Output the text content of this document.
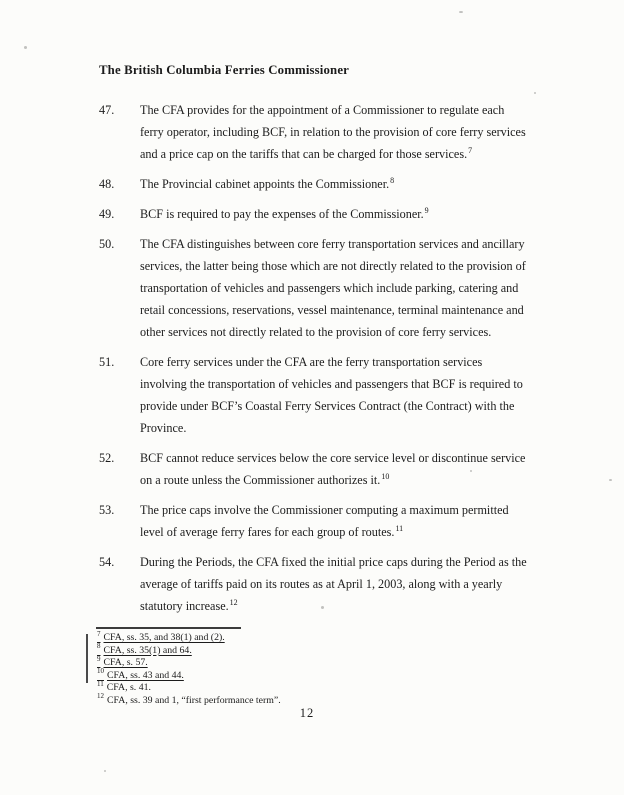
The British Columbia Ferries Commissioner
47.	The CFA provides for the appointment of a Commissioner to regulate each ferry operator, including BCF, in relation to the provision of core ferry services and a price cap on the tariffs that can be charged for those services.$^7$
48.	The Provincial cabinet appoints the Commissioner.$^8$
49.	BCF is required to pay the expenses of the Commissioner.$^9$
50.	The CFA distinguishes between core ferry transportation services and ancillary services, the latter being those which are not directly related to the provision of transportation of vehicles and passengers which include parking, catering and retail concessions, reservations, vessel maintenance, terminal maintenance and other services not directly related to the provision of core ferry services.
51.	Core ferry services under the CFA are the ferry transportation services involving the transportation of vehicles and passengers that BCF is required to provide under BCF’s Coastal Ferry Services Contract (the Contract) with the Province.
52.	BCF cannot reduce services below the core service level or discontinue service on a route unless the Commissioner authorizes it.$^{10}$
53.	The price caps involve the Commissioner computing a maximum permitted level of average ferry fares for each group of routes.$^{11}$
54.	During the Periods, the CFA fixed the initial price caps during the Period as the average of tariffs paid on its routes as at April 1, 2003, along with a yearly statutory increase.$^{12}$
$^7$ CFA, ss. 35, and 38(1) and (2).
$^8$ CFA, ss. 35(1) and 64.
$^9$ CFA, s. 57.
$^{10}$ CFA, ss. 43 and 44.
$^{11}$ CFA, s. 41.
$^{12}$ CFA, ss. 39 and 1, “first performance term”.
12
